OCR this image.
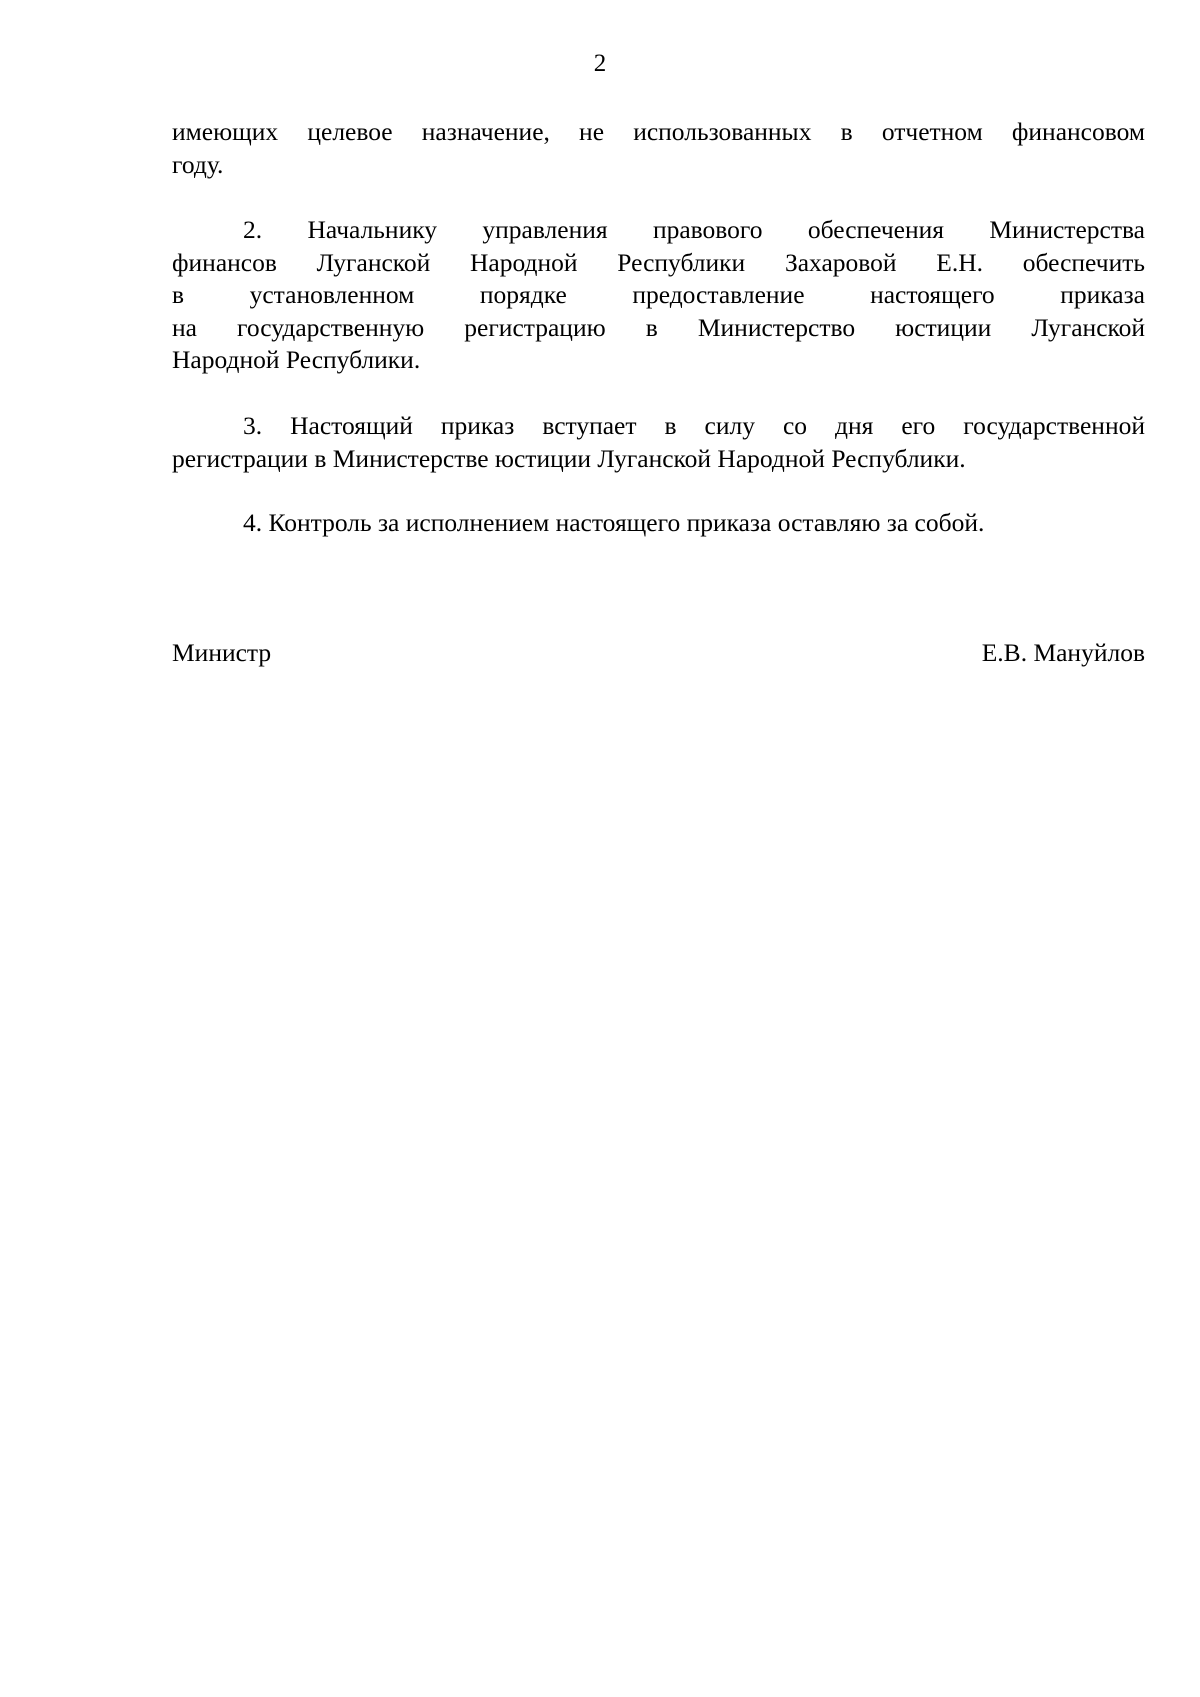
2
имеющих целевое назначение, не использованных в отчетном финансовом
году.
2. Начальнику управления правового обеспечения Министерства
финансов Луганской Народной Республики Захаровой Е.Н. обеспечить
в установленном порядке предоставление настоящего приказа
на государственную регистрацию в Министерство юстиции Луганской
Народной Республики.
3. Настоящий приказ вступает в силу со дня его государственной
регистрации в Министерстве юстиции Луганской Народной Республики.
4. Контроль за исполнением настоящего приказа оставляю за собой.
Министр	Е.В. Мануйлов
